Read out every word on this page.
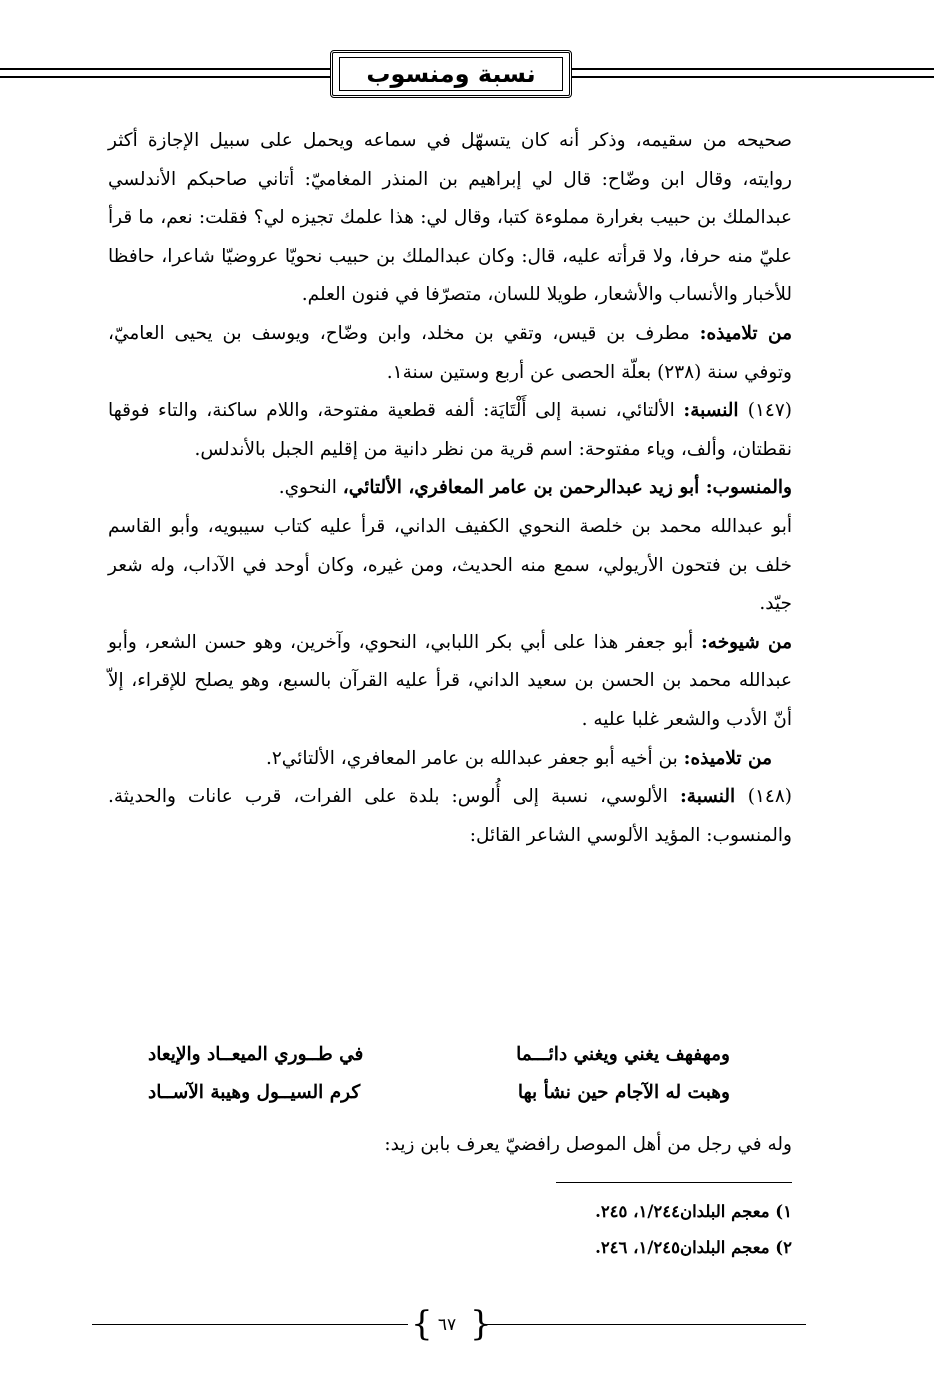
نسبة ومنسوب

صحيحه من سقيمه، وذكر أنه كان يتسهّل في سماعه ويحمل على سبيل الإجازة أكثر روايته، وقال ابن وضّاح: قال لي إبراهيم بن المنذر المغاميّ: أتاني صاحبكم الأندلسي عبدالملك بن حبيب بغرارة مملوءة كتبا، وقال لي: هذا علمك تجيزه لي؟ فقلت: نعم، ما قرأ عليّ منه حرفا، ولا قرأته عليه، قال: وكان عبدالملك بن حبيب نحويّا عروضيّا شاعرا، حافظا للأخبار والأنساب والأشعار، طويلا للسان، متصرّفا في فنون العلم.

من تلاميذه: مطرف بن قيس، وتقي بن مخلد، وابن وضّاح، ويوسف بن يحيى العاميّ، وتوفي سنة (٢٣٨) بعلّة الحصى عن أربع وستين سنة١.

(١٤٧) النسبة: الألتائي، نسبة إلى أَلْتَايَة: ألفه قطعية مفتوحة، واللام ساكنة، والتاء فوقها نقطتان، وألف، وياء مفتوحة: اسم قرية من نظر دانية من إقليم الجبل بالأندلس.

والمنسوب: أبو زيد عبدالرحمن بن عامر المعافري، الألتائي، النحوي.

أبو عبدالله محمد بن خلصة النحوي الكفيف الداني، قرأ عليه كتاب سيبويه، وأبو القاسم خلف بن فتحون الأريولي، سمع منه الحديث، ومن غيره، وكان أوحد في الآداب، وله شعر جيّد.

من شيوخه: أبو جعفر هذا على أبي بكر اللبابي، النحوي، وآخرين، وهو حسن الشعر، وأبو عبدالله محمد بن الحسن بن سعيد الداني، قرأ عليه القرآن بالسبع، وهو يصلح للإقراء، إلاّ أنّ الأدب والشعر غلبا عليه .

من تلاميذه: بن أخيه أبو جعفر عبدالله بن عامر المعافري، الألتائي٢.

(١٤٨) النسبة: الألوسي، نسبة إلى أُلوس: بلدة على الفرات، قرب عانات والحديثة. والمنسوب: المؤيد الألوسي الشاعر القائل:

ومهفهف يغني ويغني دائـــما
في طــوري الميعــاد والإيعاد
وهبت له الآجام حين نشأ بها
كرم السيــول وهيبة الآســاد
وله في رجل من أهل الموصل رافضيّ يعرف بابن زيد:
١) معجم البلدان١/٢٤٤، ٢٤٥.
٢) معجم البلدان١/٢٤٥، ٢٤٦.
{ ٦٧ }
